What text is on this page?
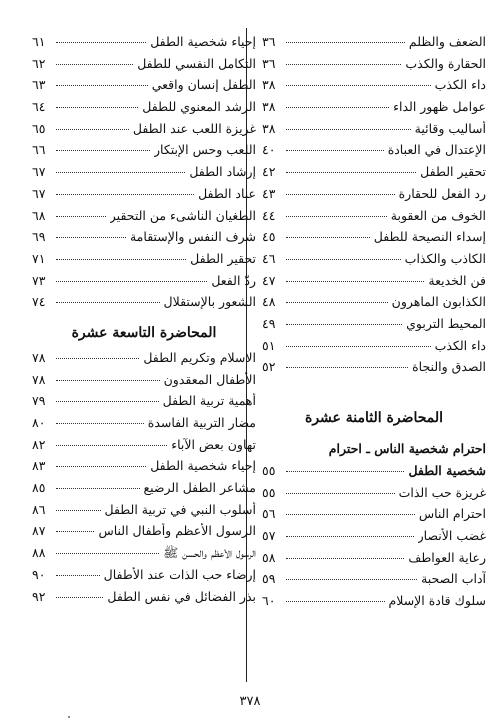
الضعف والظلم
٣٦
الحقارة والكذب
٣٦
داء الكذب
٣٨
عوامل ظهور الداء
٣٨
أساليب وقائية
٣٨
الإعتدال في العبادة
٤٠
تحقير الطفل
٤٢
رد الفعل للحقارة
٤٣
الخوف من العقوبة
٤٤
إسداء النصيحة للطفل
٤٥
الكاذب والكذاب
٤٦
فن الخديعة
٤٧
الكذابون الماهرون
٤٨
المحيط التربوي
٤٩
داء الكذب
٥١
الصدق والنجاة
٥٢
المحاضرة الثامنة عشرة
احترام شخصية الناس ـ احترام
شخصية الطفل
٥٥
غريزة حب الذات
٥٥
احترام الناس
٥٦
غضب الأنصار
٥٧
رعاية العواطف
٥٨
آداب الصحبة
٥٩
سلوك قادة الإسلام
٦٠
إحياء شخصية الطفل
٦١
التكامل النفسي للطفل
٦٢
الطفل إنسان واقعي
٦٣
الرشد المعنوي للطفل
٦٤
غريزة اللعب عند الطفل
٦٥
اللعب وحس الإبتكار
٦٦
إرشاد الطفل
٦٧
عناد الطفل
٦٧
الطغيان الناشىء من التحقير
٦٨
شرف النفس والإستقامة
٦٩
تحقير الطفل
٧١
ردّ الفعل
٧٣
الشعور بالإستقلال
٧٤
المحاضرة التاسعة عشرة
الاسلام وتكريم الطفل
٧٨
الأطفال المعقدون
٧٨
أهمية تربية الطفل
٧٩
مضار التربية الفاسدة
٨٠
تهاون بعض الآباء
٨٢
إحياء شخصية الطفل
٨٣
مشاعر الطفل الرضيع
٨٥
أسلوب النبي في تربية الطفل
٨٦
الرسول الأعظم وأطفال الناس
٨٧
الرسول الأعظم والحسن ﷺ
٨٨
إرضاء حب الذات عند الأطفال
٩٠
بذر الفضائل في نفس الطفل
٩٢
٣٧٨
